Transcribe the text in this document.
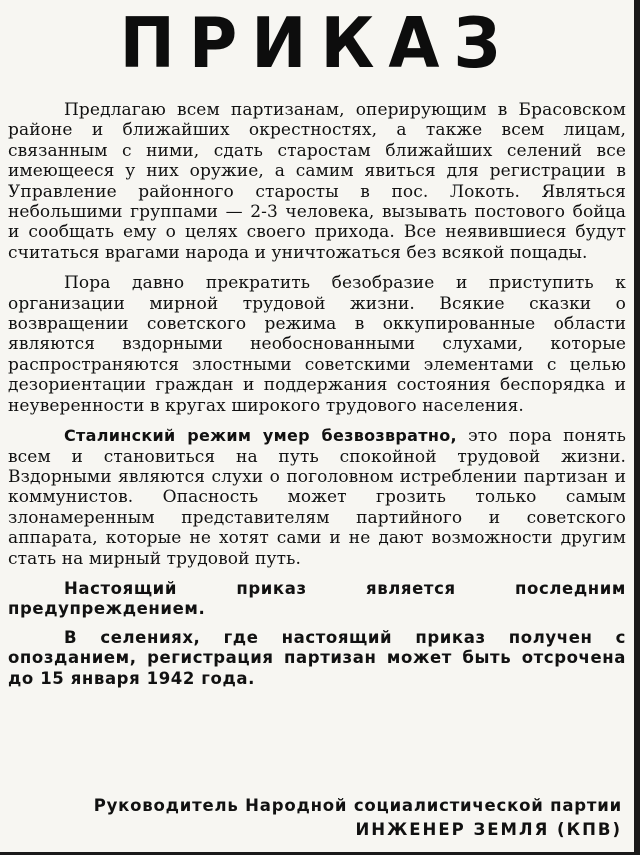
ПРИКАЗ

Предлагаю всем партизанам, оперирующим в Брасовском районе и ближайших окрестностях, а также всем лицам, связанным с ними, сдать старостам ближайших селений все имеющееся у них оружие, а самим явиться для регистрации в Управление районного старосты в пос. Локоть. Являться небольшими группами — 2-3 человека, вызывать постового бойца и сообщать ему о целях своего прихода. Все неявившиеся будут считаться врагами народа и уничтожаться без всякой пощады.

Пора давно прекратить безобразие и приступить к организации мирной трудовой жизни. Всякие сказки о возвращении советского режима в оккупированные области являются вздорными необоснованными слухами, которые распространяются злостными советскими элементами с целью дезориентации граждан и поддержания состояния беспорядка и неуверенности в кругах широкого трудового населения.

Сталинский режим умер безвозвратно, это пора понять всем и становиться на путь спокойной трудовой жизни. Вздорными являются слухи о поголовном истреблении партизан и коммунистов. Опасность может грозить только самым злонамеренным представителям партийного и советского аппарата, которые не хотят сами и не дают возможности другим стать на мирный трудовой путь.

Настоящий приказ является последним предупреждением.

В селениях, где настоящий приказ получен с опозданием, регистрация партизан может быть отсрочена до 15 января 1942 года.

Руководитель Народной социалистической партии

ИНЖЕНЕР ЗЕМЛЯ (КПВ)
